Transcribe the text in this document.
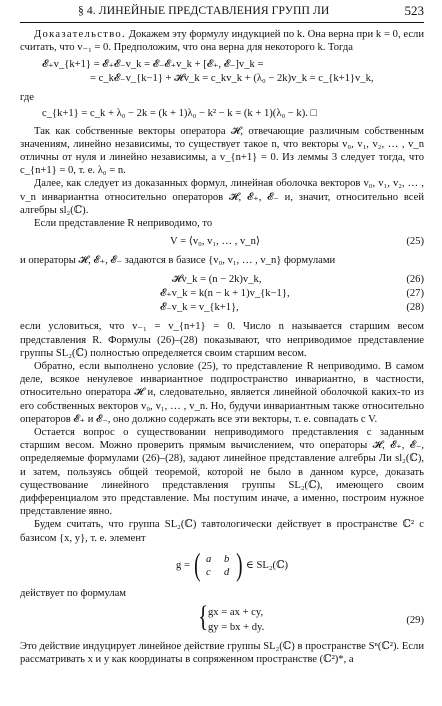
§ 4. ЛИНЕЙНЫЕ ПРЕДСТАВЛЕНИЯ ГРУПП ЛИ	523

Доказательство. Докажем эту формулу индукцией по k. Она верна при k = 0, если считать, что v₋₁ = 0. Предположим, что она верна для некоторого k. Тогда

𝓔₊v_{k+1} = 𝓔₊𝓔₋v_k = 𝓔₋𝓔₊v_k + [𝓔₊, 𝓔₋]v_k =
= c_k𝓔₋v_{k−1} + 𝓗v_k = c_kv_k + (λ₀ − 2k)v_k = c_{k+1}v_k,

где

c_{k+1} = c_k + λ₀ − 2k = (k + 1)λ₀ − k² − k = (k + 1)(λ₀ − k). □

Так как собственные векторы оператора 𝓗, отвечающие различным собственным значениям, линейно независимы, то существует такое n, что векторы v₀, v₁, v₂, … , v_n отличны от нуля и линейно независимы, а v_{n+1} = 0. Из леммы 3 следует тогда, что c_{n+1} = 0, т. е. λ₀ = n.

Далее, как следует из доказанных формул, линейная оболочка векторов v₀, v₁, v₂, … , v_n инвариантна относительно операторов 𝓗, 𝓔₊, 𝓔₋ и, значит, относительно всей алгебры sl₂(ℂ).

Если представление R неприводимо, то

V = ⟨v₀, v₁, … , v_n⟩	(25)

и операторы 𝓗, 𝓔₊, 𝓔₋ задаются в базисе {v₀, v₁, … , v_n} формулами

𝓗v_k = (n − 2k)v_k,	(26)
𝓔₊v_k = k(n − k + 1)v_{k−1},	(27)
𝓔₋v_k = v_{k+1},	(28)

если условиться, что v₋₁ = v_{n+1} = 0. Число n называется старшим весом представления R. Формулы (26)–(28) показывают, что неприводимое представление группы SL₂(ℂ) полностью определяется своим старшим весом.

Обратно, если выполнено условие (25), то представление R неприводимо. В самом деле, всякое ненулевое инвариантное подпространство инвариантно, в частности, относительно оператора 𝓗 и, следовательно, является линейной оболочкой каких-то из его собственных векторов v₀, v₁, … , v_n. Но, будучи инвариантным также относительно операторов 𝓔₊ и 𝓔₋, оно должно содержать все эти векторы, т. е. совпадать с V.

Остается вопрос о существовании неприводимого представления с заданным старшим весом. Можно проверить прямым вычислением, что операторы 𝓗, 𝓔₊, 𝓔₋, определяемые формулами (26)–(28), задают линейное представление алгебры Ли sl₂(ℂ), и затем, пользуясь общей теоремой, которой не было в данном курсе, доказать существование линейного представления группы SL₂(ℂ), имеющего своим дифференциалом это представление. Мы поступим иначе, а именно, построим нужное представление явно.

Будем считать, что группа SL₂(ℂ) тавтологически действует в пространстве ℂ² с базисом {x, y}, т. е. элемент

g = ( a b
c d ) ∈ SL₂(ℂ)

действует по формулам

{ gx = ax + cy,
gy = bx + dy.
(29)

Это действие индуцирует линейное действие группы SL₂(ℂ) в пространстве Sⁿ(ℂ²). Если рассматривать x и y как координаты в сопряженном пространстве (ℂ²)*, а
